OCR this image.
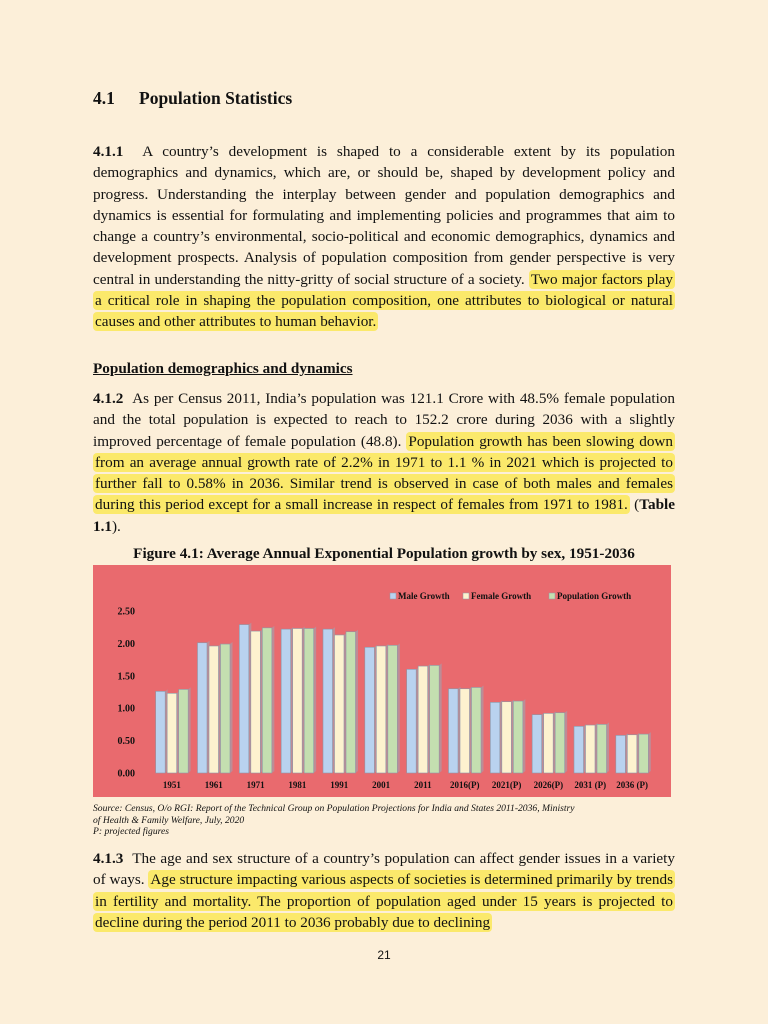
4.1 Population Statistics
4.1.1 A country’s development is shaped to a considerable extent by its population demographics and dynamics, which are, or should be, shaped by development policy and progress. Understanding the interplay between gender and population demographics and dynamics is essential for formulating and implementing policies and programmes that aim to change a country’s environmental, socio-political and economic demographics, dynamics and development prospects. Analysis of population composition from gender perspective is very central in understanding the nitty-gritty of social structure of a society. Two major factors play a critical role in shaping the population composition, one attributes to biological or natural causes and other attributes to human behavior.
Population demographics and dynamics
4.1.2 As per Census 2011, India’s population was 121.1 Crore with 48.5% female population and the total population is expected to reach to 152.2 crore during 2036 with a slightly improved percentage of female population (48.8). Population growth has been slowing down from an average annual growth rate of 2.2% in 1971 to 1.1 % in 2021 which is projected to further fall to 0.58% in 2036. Similar trend is observed in case of both males and females during this period except for a small increase in respect of females from 1971 to 1981. (Table 1.1).
Figure 4.1: Average Annual Exponential Population growth by sex, 1951-2036
Male Growth Female Growth	Population Growth
0.00
0.50
1.00
1.50
2.00
2.50
1951	1961	1971	1981	1991	2001	2011 2016(P) 2021(P) 2026(P) 2031 (P) 2036 (P)
Source: Census, O/o RGI: Report of the Technical Group on Population Projections for India and States 2011-2036, Ministry
of Health & Family Welfare, July, 2020
P: projected figures
4.1.3 The age and sex structure of a country’s population can affect gender issues in a variety of ways. Age structure impacting various aspects of societies is determined primarily by trends in fertility and mortality. The proportion of population aged under 15 years is projected to decline during the period 2011 to 2036 probably due to declining
21
